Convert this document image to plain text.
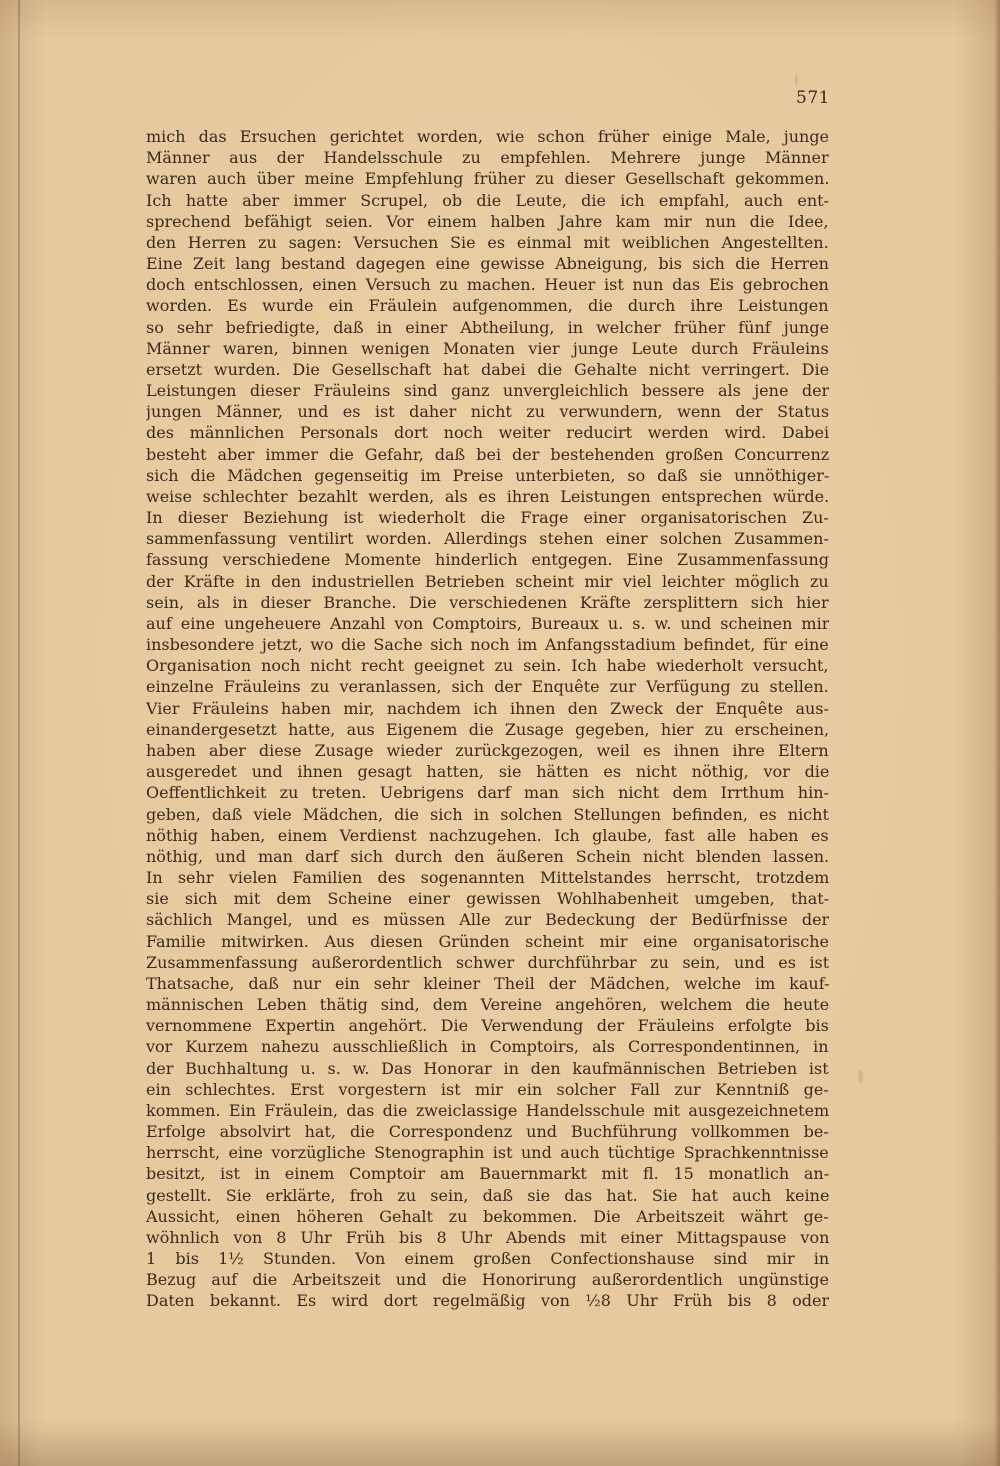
571
mich das Ersuchen gerichtet worden, wie schon früher einige Male, junge
Männer aus der Handelsschule zu empfehlen. Mehrere junge Männer
waren auch über meine Empfehlung früher zu dieser Gesellschaft gekommen.
Ich hatte aber immer Scrupel, ob die Leute, die ich empfahl, auch ent-
sprechend befähigt seien. Vor einem halben Jahre kam mir nun die Idee,
den Herren zu sagen: Versuchen Sie es einmal mit weiblichen Angestellten.
Eine Zeit lang bestand dagegen eine gewisse Abneigung, bis sich die Herren
doch entschlossen, einen Versuch zu machen. Heuer ist nun das Eis gebrochen
worden. Es wurde ein Fräulein aufgenommen, die durch ihre Leistungen
so sehr befriedigte, daß in einer Abtheilung, in welcher früher fünf junge
Männer waren, binnen wenigen Monaten vier junge Leute durch Fräuleins
ersetzt wurden. Die Gesellschaft hat dabei die Gehalte nicht verringert. Die
Leistungen dieser Fräuleins sind ganz unvergleichlich bessere als jene der
jungen Männer, und es ist daher nicht zu verwundern, wenn der Status
des männlichen Personals dort noch weiter reducirt werden wird. Dabei
besteht aber immer die Gefahr, daß bei der bestehenden großen Concurrenz
sich die Mädchen gegenseitig im Preise unterbieten, so daß sie unnöthiger-
weise schlechter bezahlt werden, als es ihren Leistungen entsprechen würde.
In dieser Beziehung ist wiederholt die Frage einer organisatorischen Zu-
sammenfassung ventilirt worden. Allerdings stehen einer solchen Zusammen-
fassung verschiedene Momente hinderlich entgegen. Eine Zusammenfassung
der Kräfte in den industriellen Betrieben scheint mir viel leichter möglich zu
sein, als in dieser Branche. Die verschiedenen Kräfte zersplittern sich hier
auf eine ungeheuere Anzahl von Comptoirs, Bureaux u. s. w. und scheinen mir
insbesondere jetzt, wo die Sache sich noch im Anfangsstadium befindet, für eine
Organisation noch nicht recht geeignet zu sein. Ich habe wiederholt versucht,
einzelne Fräuleins zu veranlassen, sich der Enquête zur Verfügung zu stellen.
Vier Fräuleins haben mir, nachdem ich ihnen den Zweck der Enquête aus-
einandergesetzt hatte, aus Eigenem die Zusage gegeben, hier zu erscheinen,
haben aber diese Zusage wieder zurückgezogen, weil es ihnen ihre Eltern
ausgeredet und ihnen gesagt hatten, sie hätten es nicht nöthig, vor die
Oeffentlichkeit zu treten. Uebrigens darf man sich nicht dem Irrthum hin-
geben, daß viele Mädchen, die sich in solchen Stellungen befinden, es nicht
nöthig haben, einem Verdienst nachzugehen. Ich glaube, fast alle haben es
nöthig, und man darf sich durch den äußeren Schein nicht blenden lassen.
In sehr vielen Familien des sogenannten Mittelstandes herrscht, trotzdem
sie sich mit dem Scheine einer gewissen Wohlhabenheit umgeben, that-
sächlich Mangel, und es müssen Alle zur Bedeckung der Bedürfnisse der
Familie mitwirken. Aus diesen Gründen scheint mir eine organisatorische
Zusammenfassung außerordentlich schwer durchführbar zu sein, und es ist
Thatsache, daß nur ein sehr kleiner Theil der Mädchen, welche im kauf-
männischen Leben thätig sind, dem Vereine angehören, welchem die heute
vernommene Expertin angehört. Die Verwendung der Fräuleins erfolgte bis
vor Kurzem nahezu ausschließlich in Comptoirs, als Correspondentinnen, in
der Buchhaltung u. s. w. Das Honorar in den kaufmännischen Betrieben ist
ein schlechtes. Erst vorgestern ist mir ein solcher Fall zur Kenntniß ge-
kommen. Ein Fräulein, das die zweiclassige Handelsschule mit ausgezeichnetem
Erfolge absolvirt hat, die Correspondenz und Buchführung vollkommen be-
herrscht, eine vorzügliche Stenographin ist und auch tüchtige Sprachkenntnisse
besitzt, ist in einem Comptoir am Bauernmarkt mit fl. 15 monatlich an-
gestellt. Sie erklärte, froh zu sein, daß sie das hat. Sie hat auch keine
Aussicht, einen höheren Gehalt zu bekommen. Die Arbeitszeit währt ge-
wöhnlich von 8 Uhr Früh bis 8 Uhr Abends mit einer Mittagspause von
1 bis 1½ Stunden. Von einem großen Confectionshause sind mir in
Bezug auf die Arbeitszeit und die Honorirung außerordentlich ungünstige
Daten bekannt. Es wird dort regelmäßig von ½8 Uhr Früh bis 8 oder
